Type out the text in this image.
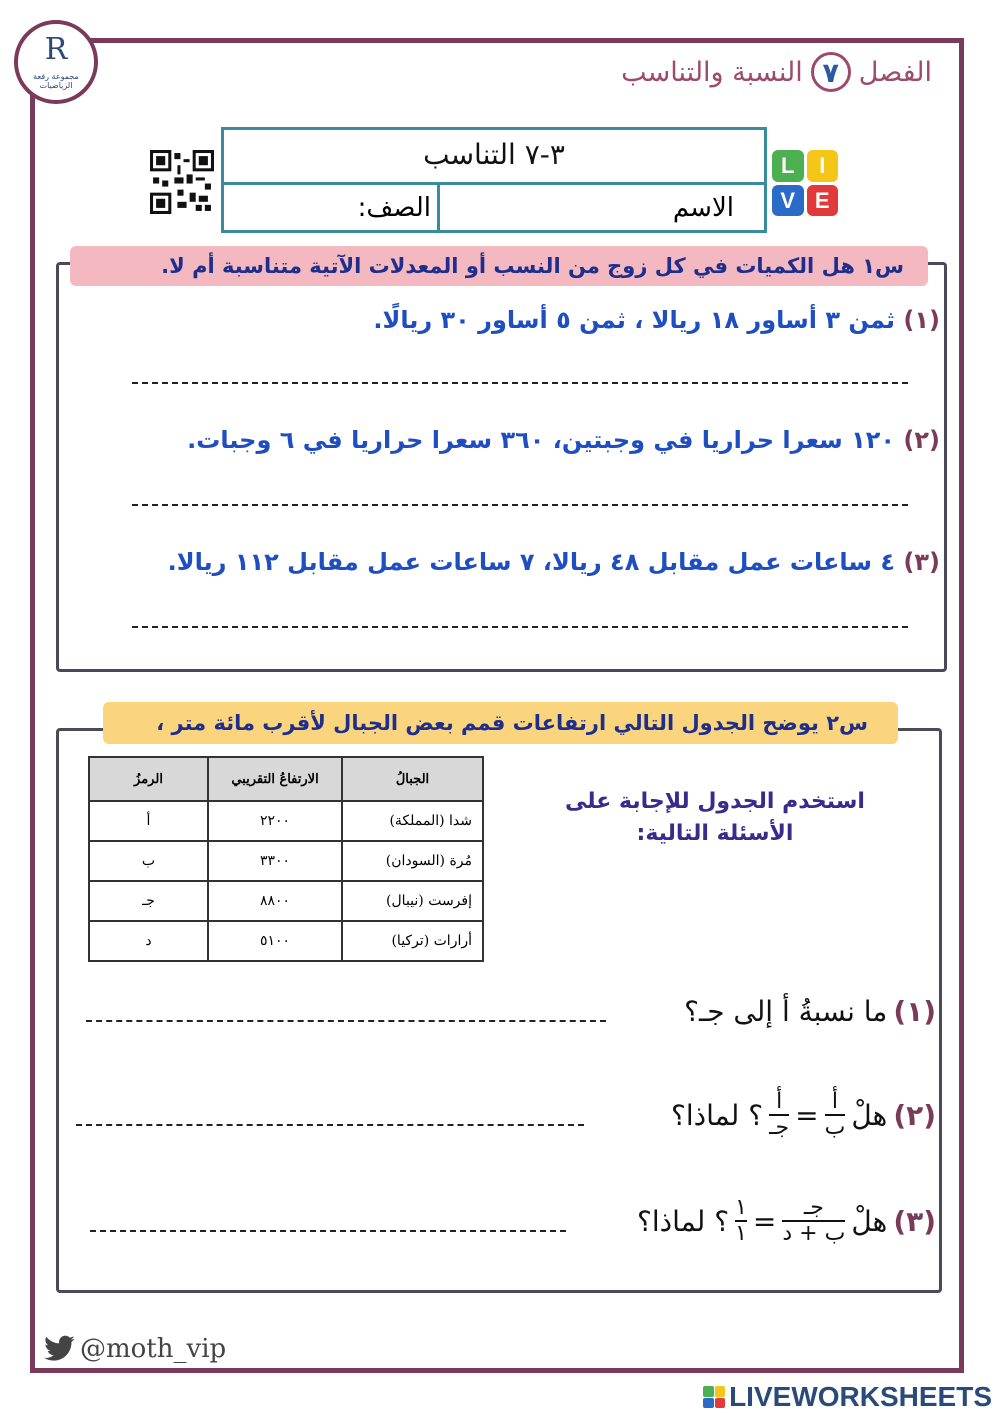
R
مجموعة رفعة الرياضيات	الفصل
٧
النسبة والتناسب
L	I
V E
٣-٧ التناسب
الصف:	الاسم
س١ هل الكميات في كل زوج من النسب أو المعدلات الآتية متناسبة أم لا.
(١) ثمن ٣ أساور ١٨ ريالا ، ثمن ٥ أساور ٣٠ ريالًا.
(٢) ١٢٠ سعرا حراريا في وجبتين، ٣٦٠ سعرا حراريا في ٦ وجبات.
(٣) ٤ ساعات عمل مقابل ٤٨ ريالا، ٧ ساعات عمل مقابل ١١٢ ريالا.
س٢ يوضح الجدول التالي ارتفاعات قمم بعض الجبال لأقرب مائة متر ،
الجبالُ	الارتفاعُ التقريبي	الرمزُ
شدا (المملكة)	٢٢٠٠	أ
مُرة (السودان)	٣٣٠٠	ب
إفرست (نيبال)	٨٨٠٠	جـ
أرارات (تركيا)	٥١٠٠	د
استخدم الجدول للإجابة على الأسئلة التالية:
(١)
ما نسبةُ أ إلى جـ؟
(٢)
هلْ
$\frac{\text{أ}}{\text{ب}}$
=
$\frac{\text{أ}}{\text{جـ}}$
؟ لماذا؟
(٣)
هلْ
$\frac{\text{جـ}}{\text{ب + د}}$
=
$\frac{١}{١}$
؟ لماذا؟
@moth_vip
LIVEWORKSHEETS
